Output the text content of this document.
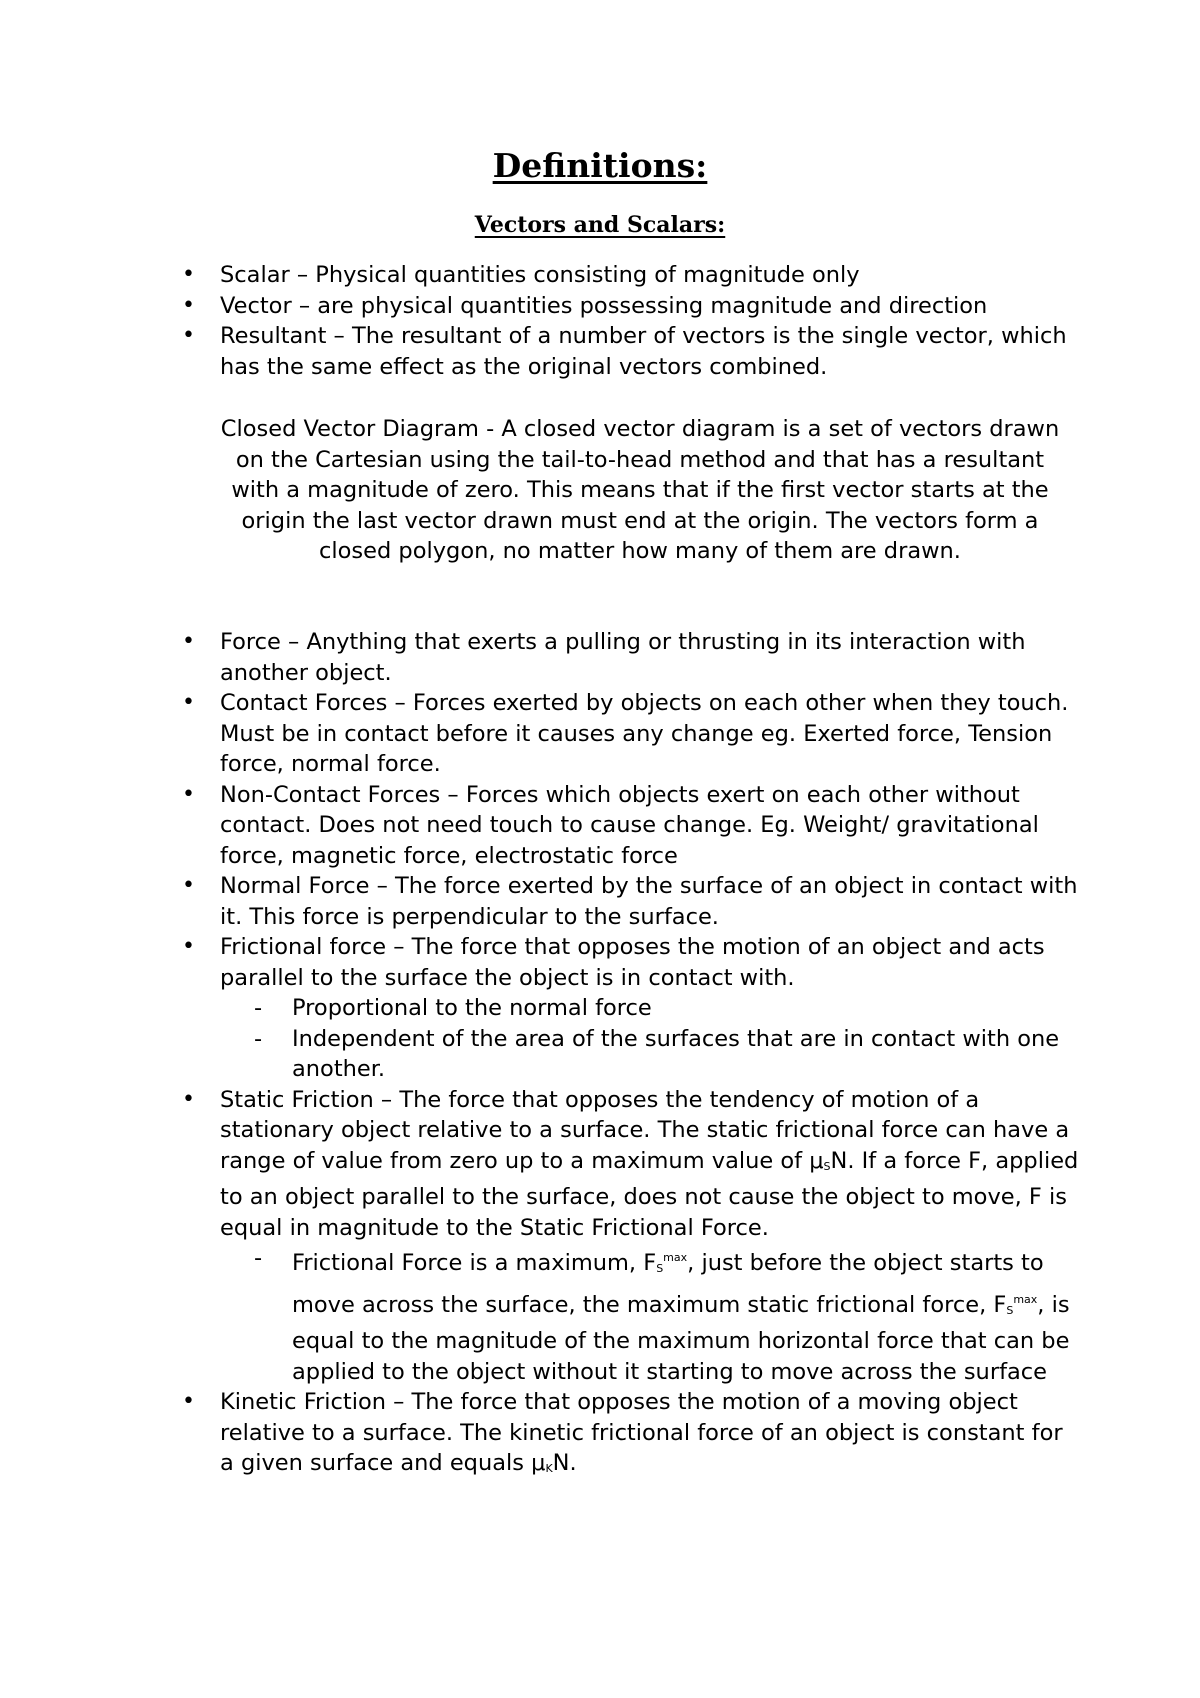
Definitions:
Vectors and Scalars:
• Scalar – Physical quantities consisting of magnitude only
• Vector – are physical quantities possessing magnitude and direction
• Resultant – The resultant of a number of vectors is the single vector, which has the same effect as the original vectors combined.

Closed Vector Diagram - A closed vector diagram is a set of vectors drawn on the Cartesian using the tail-to-head method and that has a resultant with a magnitude of zero. This means that if the first vector starts at the origin the last vector drawn must end at the origin. The vectors form a closed polygon, no matter how many of them are drawn.

• Force – Anything that exerts a pulling or thrusting in its interaction with another object.
• Contact Forces – Forces exerted by objects on each other when they touch. Must be in contact before it causes any change eg. Exerted force, Tension force, normal force.
• Non-Contact Forces – Forces which objects exert on each other without contact. Does not need touch to cause change. Eg. Weight/ gravitational force, magnetic force, electrostatic force
• Normal Force – The force exerted by the surface of an object in contact with it. This force is perpendicular to the surface.
• Frictional force – The force that opposes the motion of an object and acts parallel to the surface the object is in contact with.
- Proportional to the normal force
- Independent of the area of the surfaces that are in contact with one another.
• Static Friction – The force that opposes the tendency of motion of a stationary object relative to a surface. The static frictional force can have a range of value from zero up to a maximum value of $\mu_SN$. If a force F, applied to an object parallel to the surface, does not cause the object to move, F is equal in magnitude to the Static Frictional Force.
- Frictional Force is a maximum, $F_S^{max}$, just before the object starts to move across the surface, the maximum static frictional force, $F_S^{max}$, is equal to the magnitude of the maximum horizontal force that can be applied to the object without it starting to move across the surface
• Kinetic Friction – The force that opposes the motion of a moving object relative to a surface. The kinetic frictional force of an object is constant for a given surface and equals $\mu_KN$.
